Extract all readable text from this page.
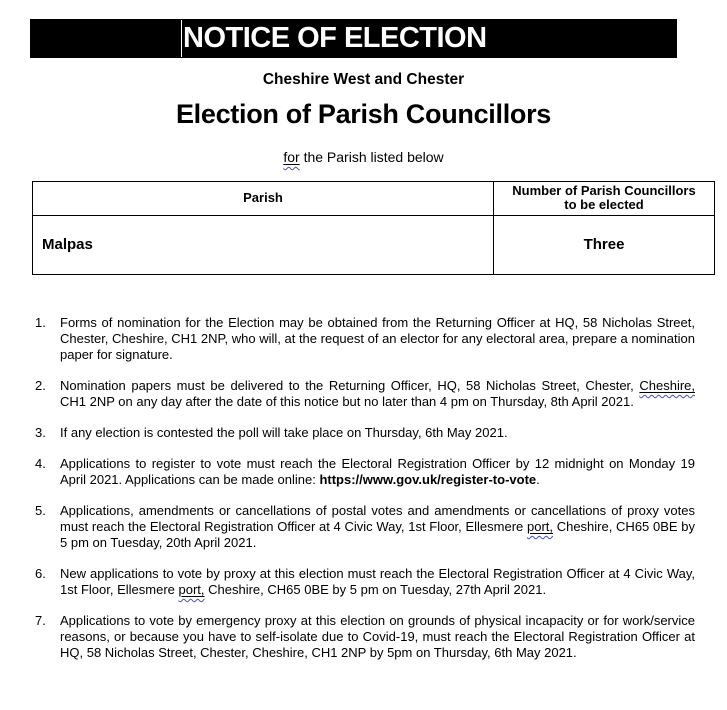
NOTICE OF ELECTION
Cheshire West and Chester
Election of Parish Councillors
for the Parish listed below
Parish	Number of Parish Councillors
to be elected

Malpas	Three
1.	Forms of nomination for the Election may be obtained from the Returning Officer at HQ, 58 Nicholas Street, Chester, Cheshire, CH1 2NP, who will, at the request of an elector for any electoral area, prepare a nomination paper for signature.
2.	Nomination papers must be delivered to the Returning Officer, HQ, 58 Nicholas Street, Chester, Cheshire, CH1 2NP on any day after the date of this notice but no later than 4 pm on Thursday, 8th April 2021.
3.	If any election is contested the poll will take place on Thursday, 6th May 2021.
4.	Applications to register to vote must reach the Electoral Registration Officer by 12 midnight on Monday 19 April 2021. Applications can be made online: https://www.gov.uk/register-to-vote.
5.	Applications, amendments or cancellations of postal votes and amendments or cancellations of proxy votes must reach the Electoral Registration Officer at 4 Civic Way, 1st Floor, Ellesmere port, Cheshire, CH65 0BE by 5 pm on Tuesday, 20th April 2021.
6.	New applications to vote by proxy at this election must reach the Electoral Registration Officer at 4 Civic Way, 1st Floor, Ellesmere port, Cheshire, CH65 0BE by 5 pm on Tuesday, 27th April 2021.
7.	Applications to vote by emergency proxy at this election on grounds of physical incapacity or for work/service reasons, or because you have to self-isolate due to Covid-19, must reach the Electoral Registration Officer at HQ, 58 Nicholas Street, Chester, Cheshire, CH1 2NP by 5pm on Thursday, 6th May 2021.
